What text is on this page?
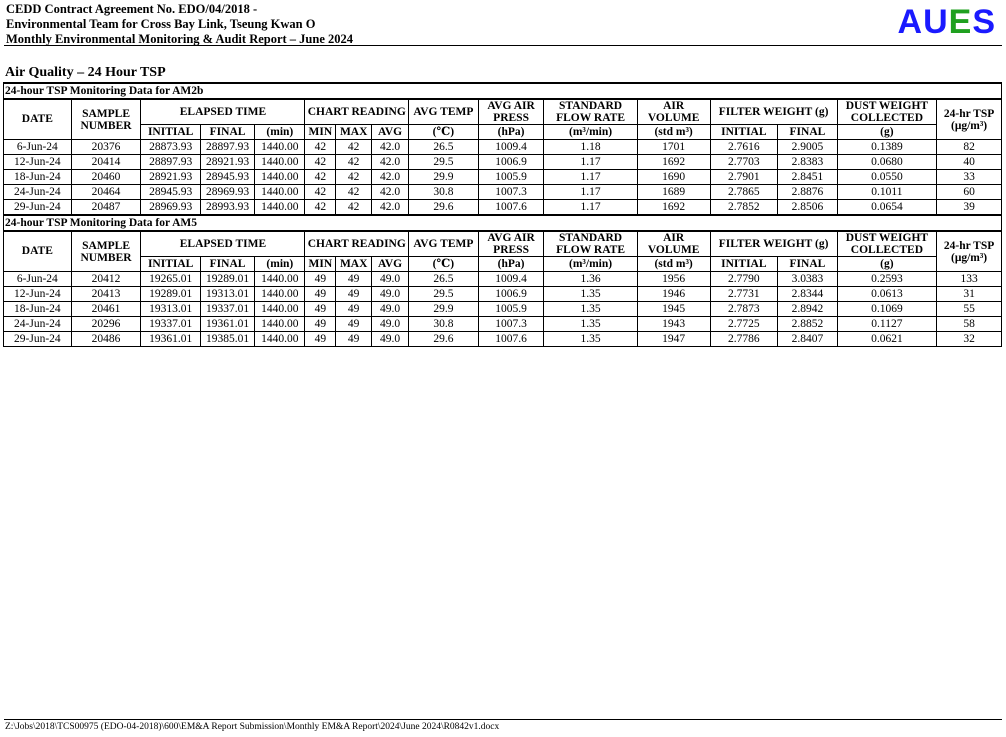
CEDD Contract Agreement No. EDO/04/2018 -
Environmental Team for Cross Bay Link, Tseung Kwan O
Monthly Environmental Monitoring & Audit Report – June 2024	AUES
Air Quality – 24 Hour TSP
24-hour TSP Monitoring Data for AM2b															
DATE	SAMPLE NUMBER	ELAPSED TIME			CHART READING			AVG TEMP	AVG AIR PRESS	STANDARD FLOW RATE	AIR VOLUME	FILTER WEIGHT (g)		DUST WEIGHT COLLECTED	24-hr TSP
(μg/m³)
		INITIAL	FINAL	(min)	MIN	MAX	AVG	(℃)	(hPa)	(m³/min)	(std m³)	INITIAL	FINAL	(g)	
6-Jun-24	20376	28873.93	28897.93	1440.00	42	42	42.0	26.5	1009.4	1.18	1701	2.7616	2.9005	0.1389	82
12-Jun-24	20414	28897.93	28921.93	1440.00	42	42	42.0	29.5	1006.9	1.17	1692	2.7703	2.8383	0.0680	40
18-Jun-24	20460	28921.93	28945.93	1440.00	42	42	42.0	29.9	1005.9	1.17	1690	2.7901	2.8451	0.0550	33
24-Jun-24	20464	28945.93	28969.93	1440.00	42	42	42.0	30.8	1007.3	1.17	1689	2.7865	2.8876	0.1011	60
29-Jun-24	20487	28969.93	28993.93	1440.00	42	42	42.0	29.6	1007.6	1.17	1692	2.7852	2.8506	0.0654	39
24-hour TSP Monitoring Data for AM5															
DATE	SAMPLE NUMBER	ELAPSED TIME			CHART READING			AVG TEMP	AVG AIR PRESS	STANDARD FLOW RATE	AIR VOLUME	FILTER WEIGHT (g)		DUST WEIGHT COLLECTED	24-hr TSP
(μg/m³)
		INITIAL	FINAL	(min)	MIN	MAX	AVG	(℃)	(hPa)	(m³/min)	(std m³)	INITIAL	FINAL	(g)	
6-Jun-24	20412	19265.01	19289.01	1440.00	49	49	49.0	26.5	1009.4	1.36	1956	2.7790	3.0383	0.2593	133
12-Jun-24	20413	19289.01	19313.01	1440.00	49	49	49.0	29.5	1006.9	1.35	1946	2.7731	2.8344	0.0613	31
18-Jun-24	20461	19313.01	19337.01	1440.00	49	49	49.0	29.9	1005.9	1.35	1945	2.7873	2.8942	0.1069	55
24-Jun-24	20296	19337.01	19361.01	1440.00	49	49	49.0	30.8	1007.3	1.35	1943	2.7725	2.8852	0.1127	58
29-Jun-24	20486	19361.01	19385.01	1440.00	49	49	49.0	29.6	1007.6	1.35	1947	2.7786	2.8407	0.0621	32
Z:\Jobs\2018\TCS00975 (EDO-04-2018)\600\EM&A Report Submission\Monthly EM&A Report\2024\June 2024\R0842v1.docx
